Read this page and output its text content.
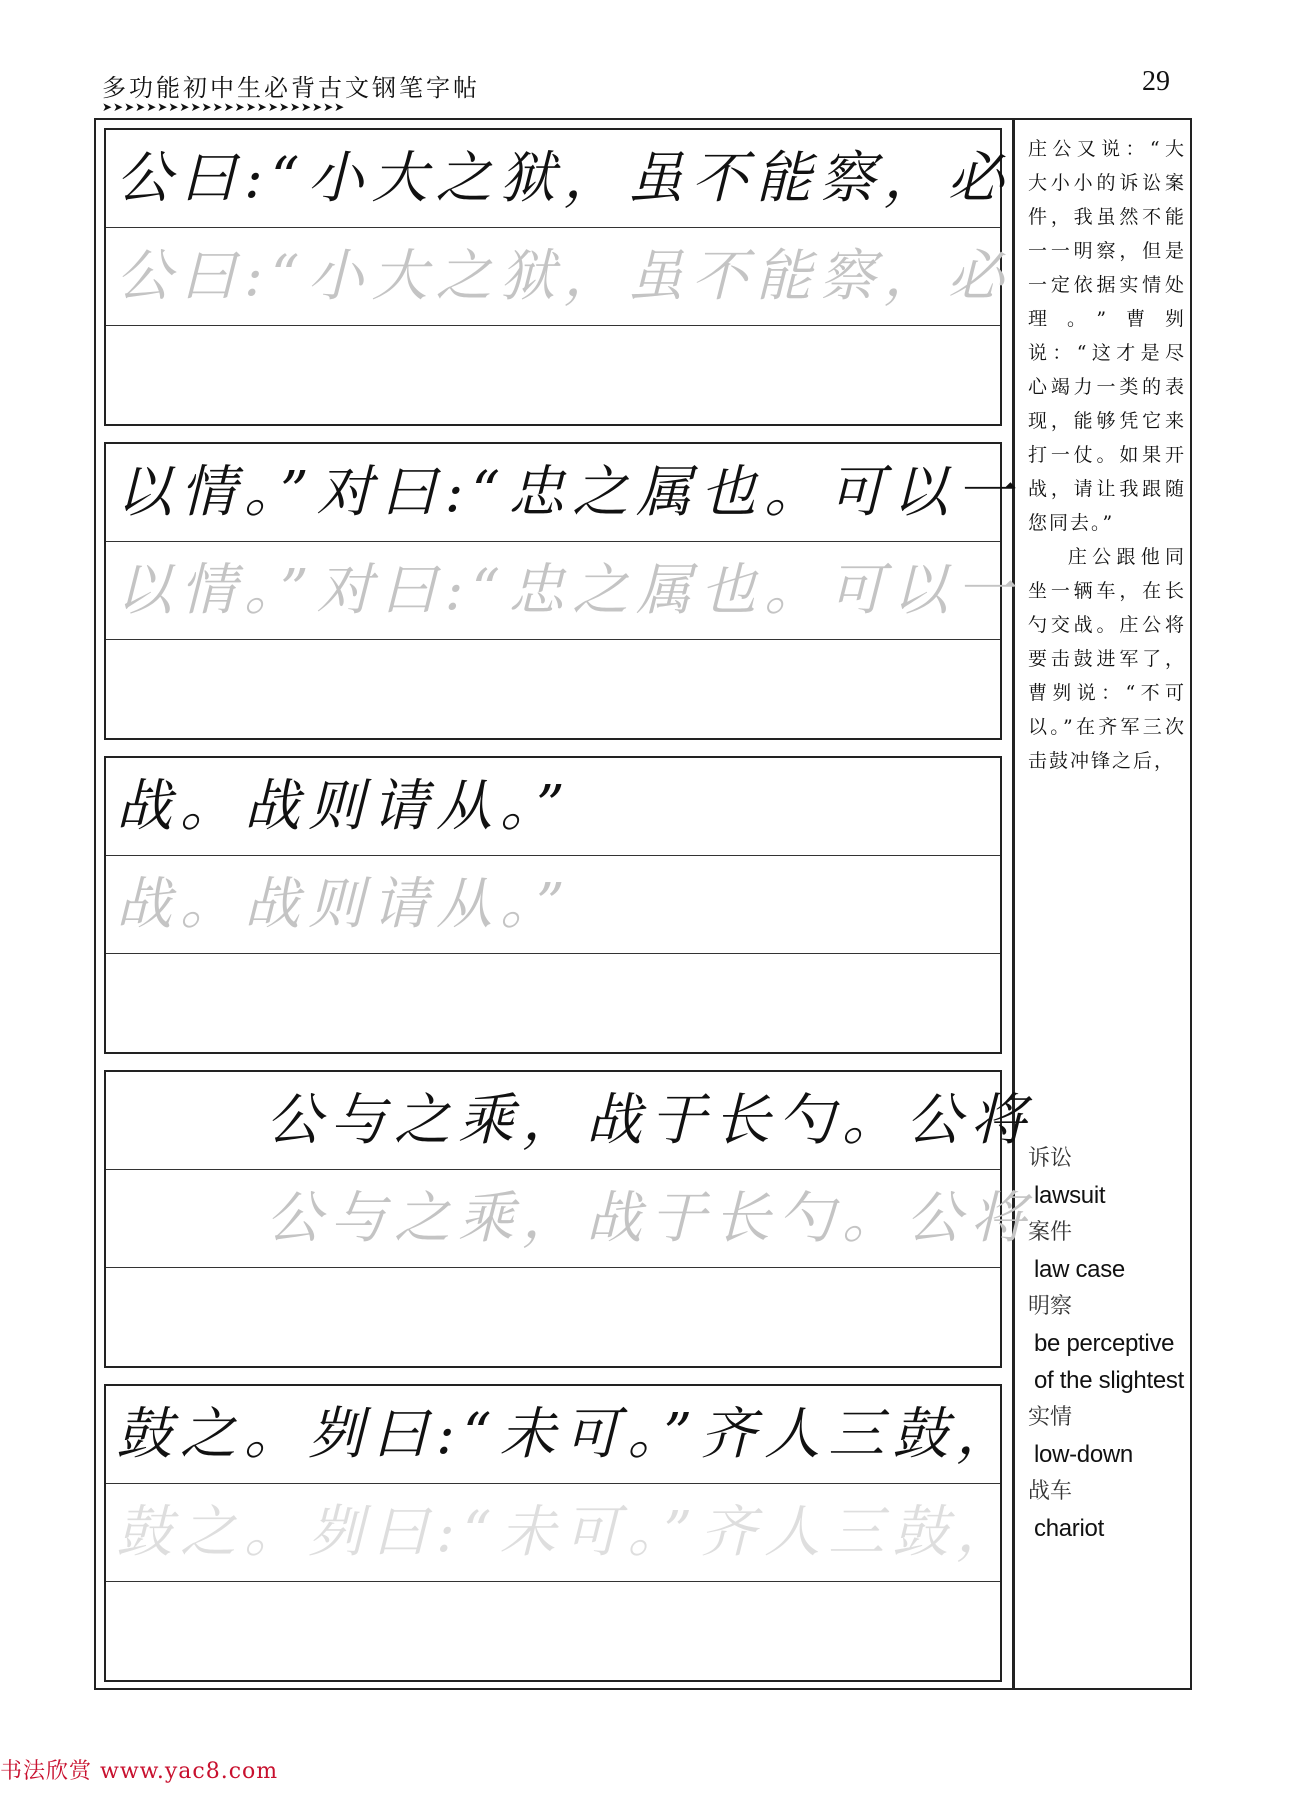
多功能初中生必背古文钢笔字帖	29
➤➤➤➤➤➤➤➤➤➤➤➤➤➤➤➤➤➤➤➤➤➤
公曰:“小大之狱，虽不能察，必
公曰:“小大之狱，虽不能察，必
以情。”对曰:“忠之属也。可以一
以情。”对曰:“忠之属也。可以一
战。战则请从。”
战。战则请从。”
公与之乘，战于长勺。公将
公与之乘，战于长勺。公将
鼓之。刿曰:“未可。”齐人三鼓，
鼓之。刿曰:“未可。”齐人三鼓，

庄公又说：“大大小小的诉讼案件，我虽然不能一一明察，但是一定依据实情处理。”曹刿说：“这才是尽心竭力一类的表现，能够凭它来打一仗。如果开战，请让我跟随您同去。”

庄公跟他同坐一辆车，在长勺交战。庄公将要击鼓进军了，曹刿说：“不可以。”在齐军三次击鼓冲锋之后，

诉讼
lawsuit
案件
law case
明察
be perceptive of the slightest
实情
low-down
战车
chariot
书法欣赏 www.yac8.com
